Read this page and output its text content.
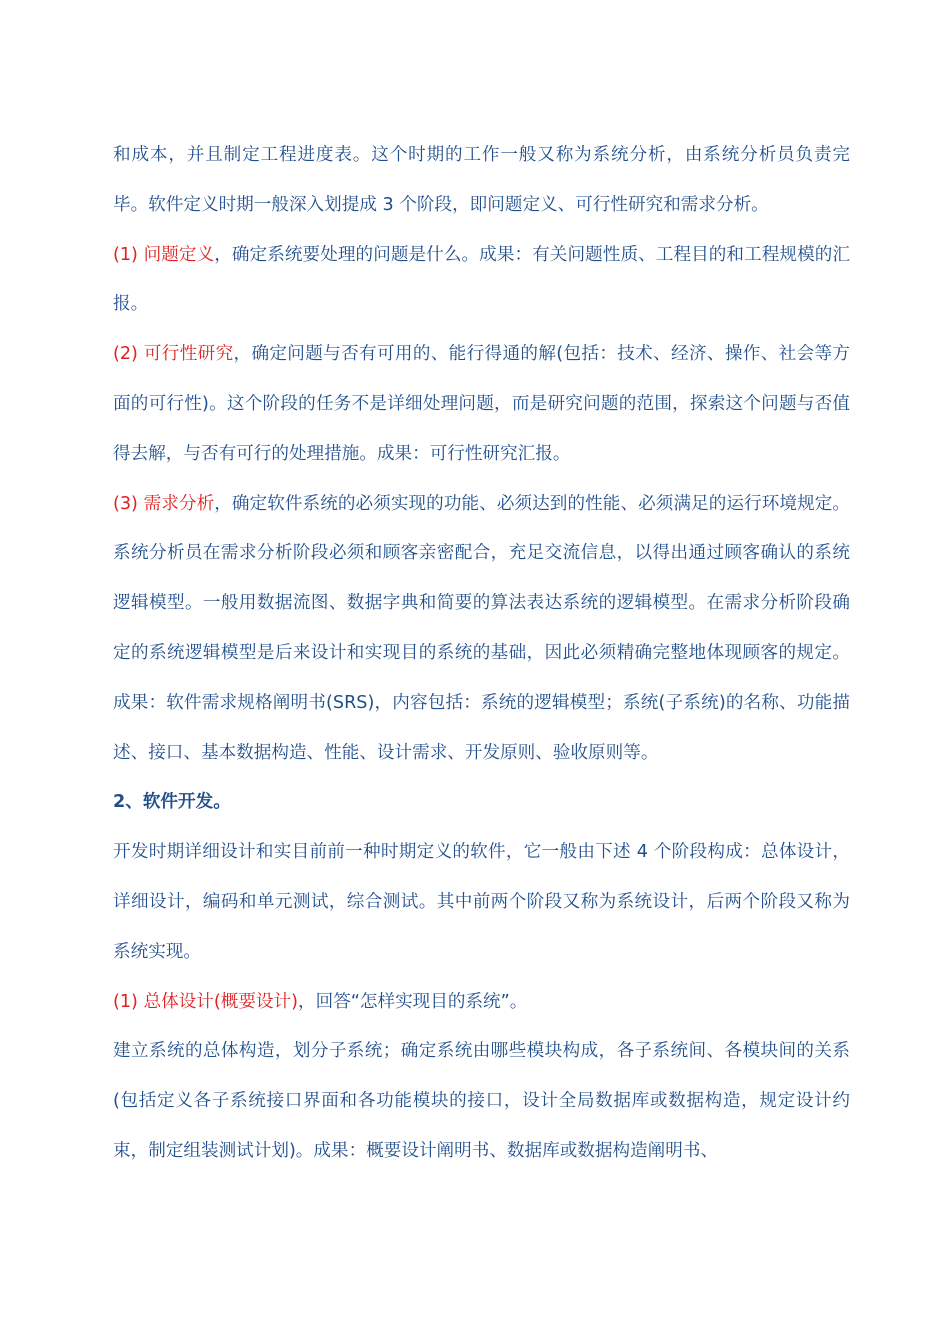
和成本，并且制定工程进度表。这个时期的工作一般又称为系统分析，由系统分析员负责完毕。软件定义时期一般深入划提成 3 个阶段，即问题定义、可行性研究和需求分析。

(1) 问题定义，确定系统要处理的问题是什么。成果：有关问题性质、工程目的和工程规模的汇报。

(2) 可行性研究，确定问题与否有可用的、能行得通的解(包括：技术、经济、操作、社会等方面的可行性)。这个阶段的任务不是详细处理问题，而是研究问题的范围，探索这个问题与否值得去解，与否有可行的处理措施。成果：可行性研究汇报。

(3) 需求分析，确定软件系统的必须实现的功能、必须达到的性能、必须满足的运行环境规定。系统分析员在需求分析阶段必须和顾客亲密配合，充足交流信息，以得出通过顾客确认的系统逻辑模型。一般用数据流图、数据字典和简要的算法表达系统的逻辑模型。在需求分析阶段确定的系统逻辑模型是后来设计和实现目的系统的基础，因此必须精确完整地体现顾客的规定。成果：软件需求规格阐明书(SRS)，内容包括：系统的逻辑模型；系统(子系统)的名称、功能描述、接口、基本数据构造、性能、设计需求、开发原则、验收原则等。

2、软件开发。

开发时期详细设计和实目前前一种时期定义的软件，它一般由下述 4 个阶段构成：总体设计，详细设计，编码和单元测试，综合测试。其中前两个阶段又称为系统设计，后两个阶段又称为系统实现。

(1) 总体设计(概要设计)，回答“怎样实现目的系统”。

建立系统的总体构造，划分子系统；确定系统由哪些模块构成，各子系统间、各模块间的关系(包括定义各子系统接口界面和各功能模块的接口，设计全局数据库或数据构造，规定设计约束，制定组装测试计划)。成果：概要设计阐明书、数据库或数据构造阐明书、
